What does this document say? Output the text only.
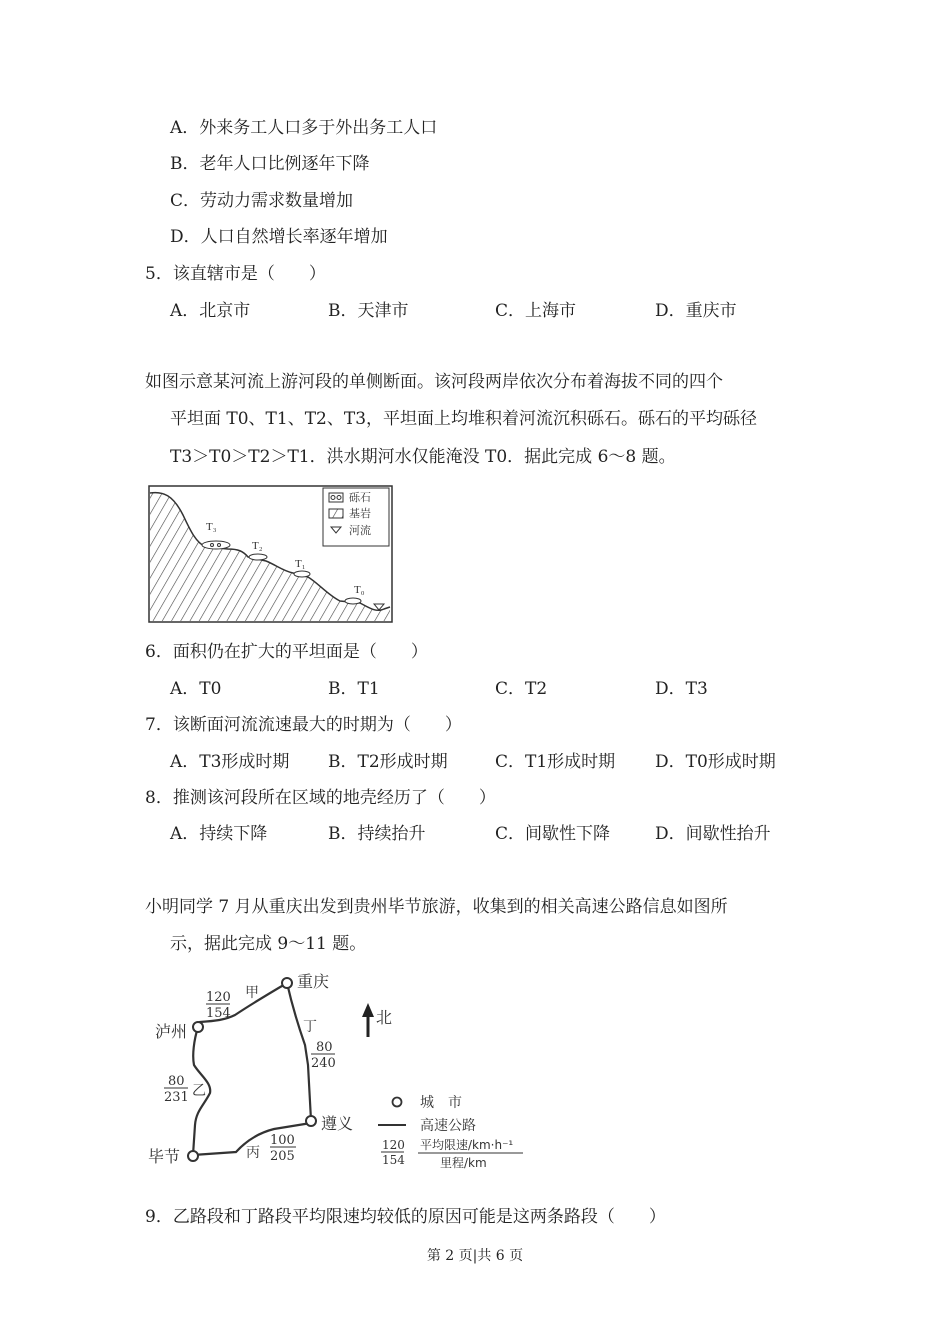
A．外来务工人口多于外出务工人口
B．老年人口比例逐年下降
C．劳动力需求数量增加
D．人口自然增长率逐年增加
5．该直辖市是（　　）
A．北京市	B．天津市	C．上海市	D．重庆市
如图示意某河流上游河段的单侧断面。该河段两岸依次分布着海拔不同的四个
平坦面 T0、T1、T2、T3，平坦面上均堆积着河流沉积砾石。砾石的平均砾径
T3＞T0＞T2＞T1．洪水期河水仅能淹没 T0．据此完成 6～8 题。
T₃
T₂
T₁
T₀
砾石
基岩
河流
6．面积仍在扩大的平坦面是（　　）
A．T0	B．T1	C．T2	D．T3
7．该断面河流流速最大的时期为（　　）
A．T3形成时期 B．T2形成时期	C．T1形成时期 D．T0形成时期
8．推测该河段所在区域的地壳经历了（　　）
A．持续下降	B．持续抬升	C．间歇性下降	D．间歇性抬升
小明同学 7 月从重庆出发到贵州毕节旅游，收集到的相关高速公路信息如图所
示，据此完成 9～11 题。
重庆
泸州
毕节
遵义
甲
120
154
丁
80
240
乙
80
231
丙
100
205
北
城　市
高速公路
120
154
平均限速/km·h⁻¹
里程/km
9．乙路段和丁路段平均限速均较低的原因可能是这两条路段（　　）
第 2 页|共 6 页
